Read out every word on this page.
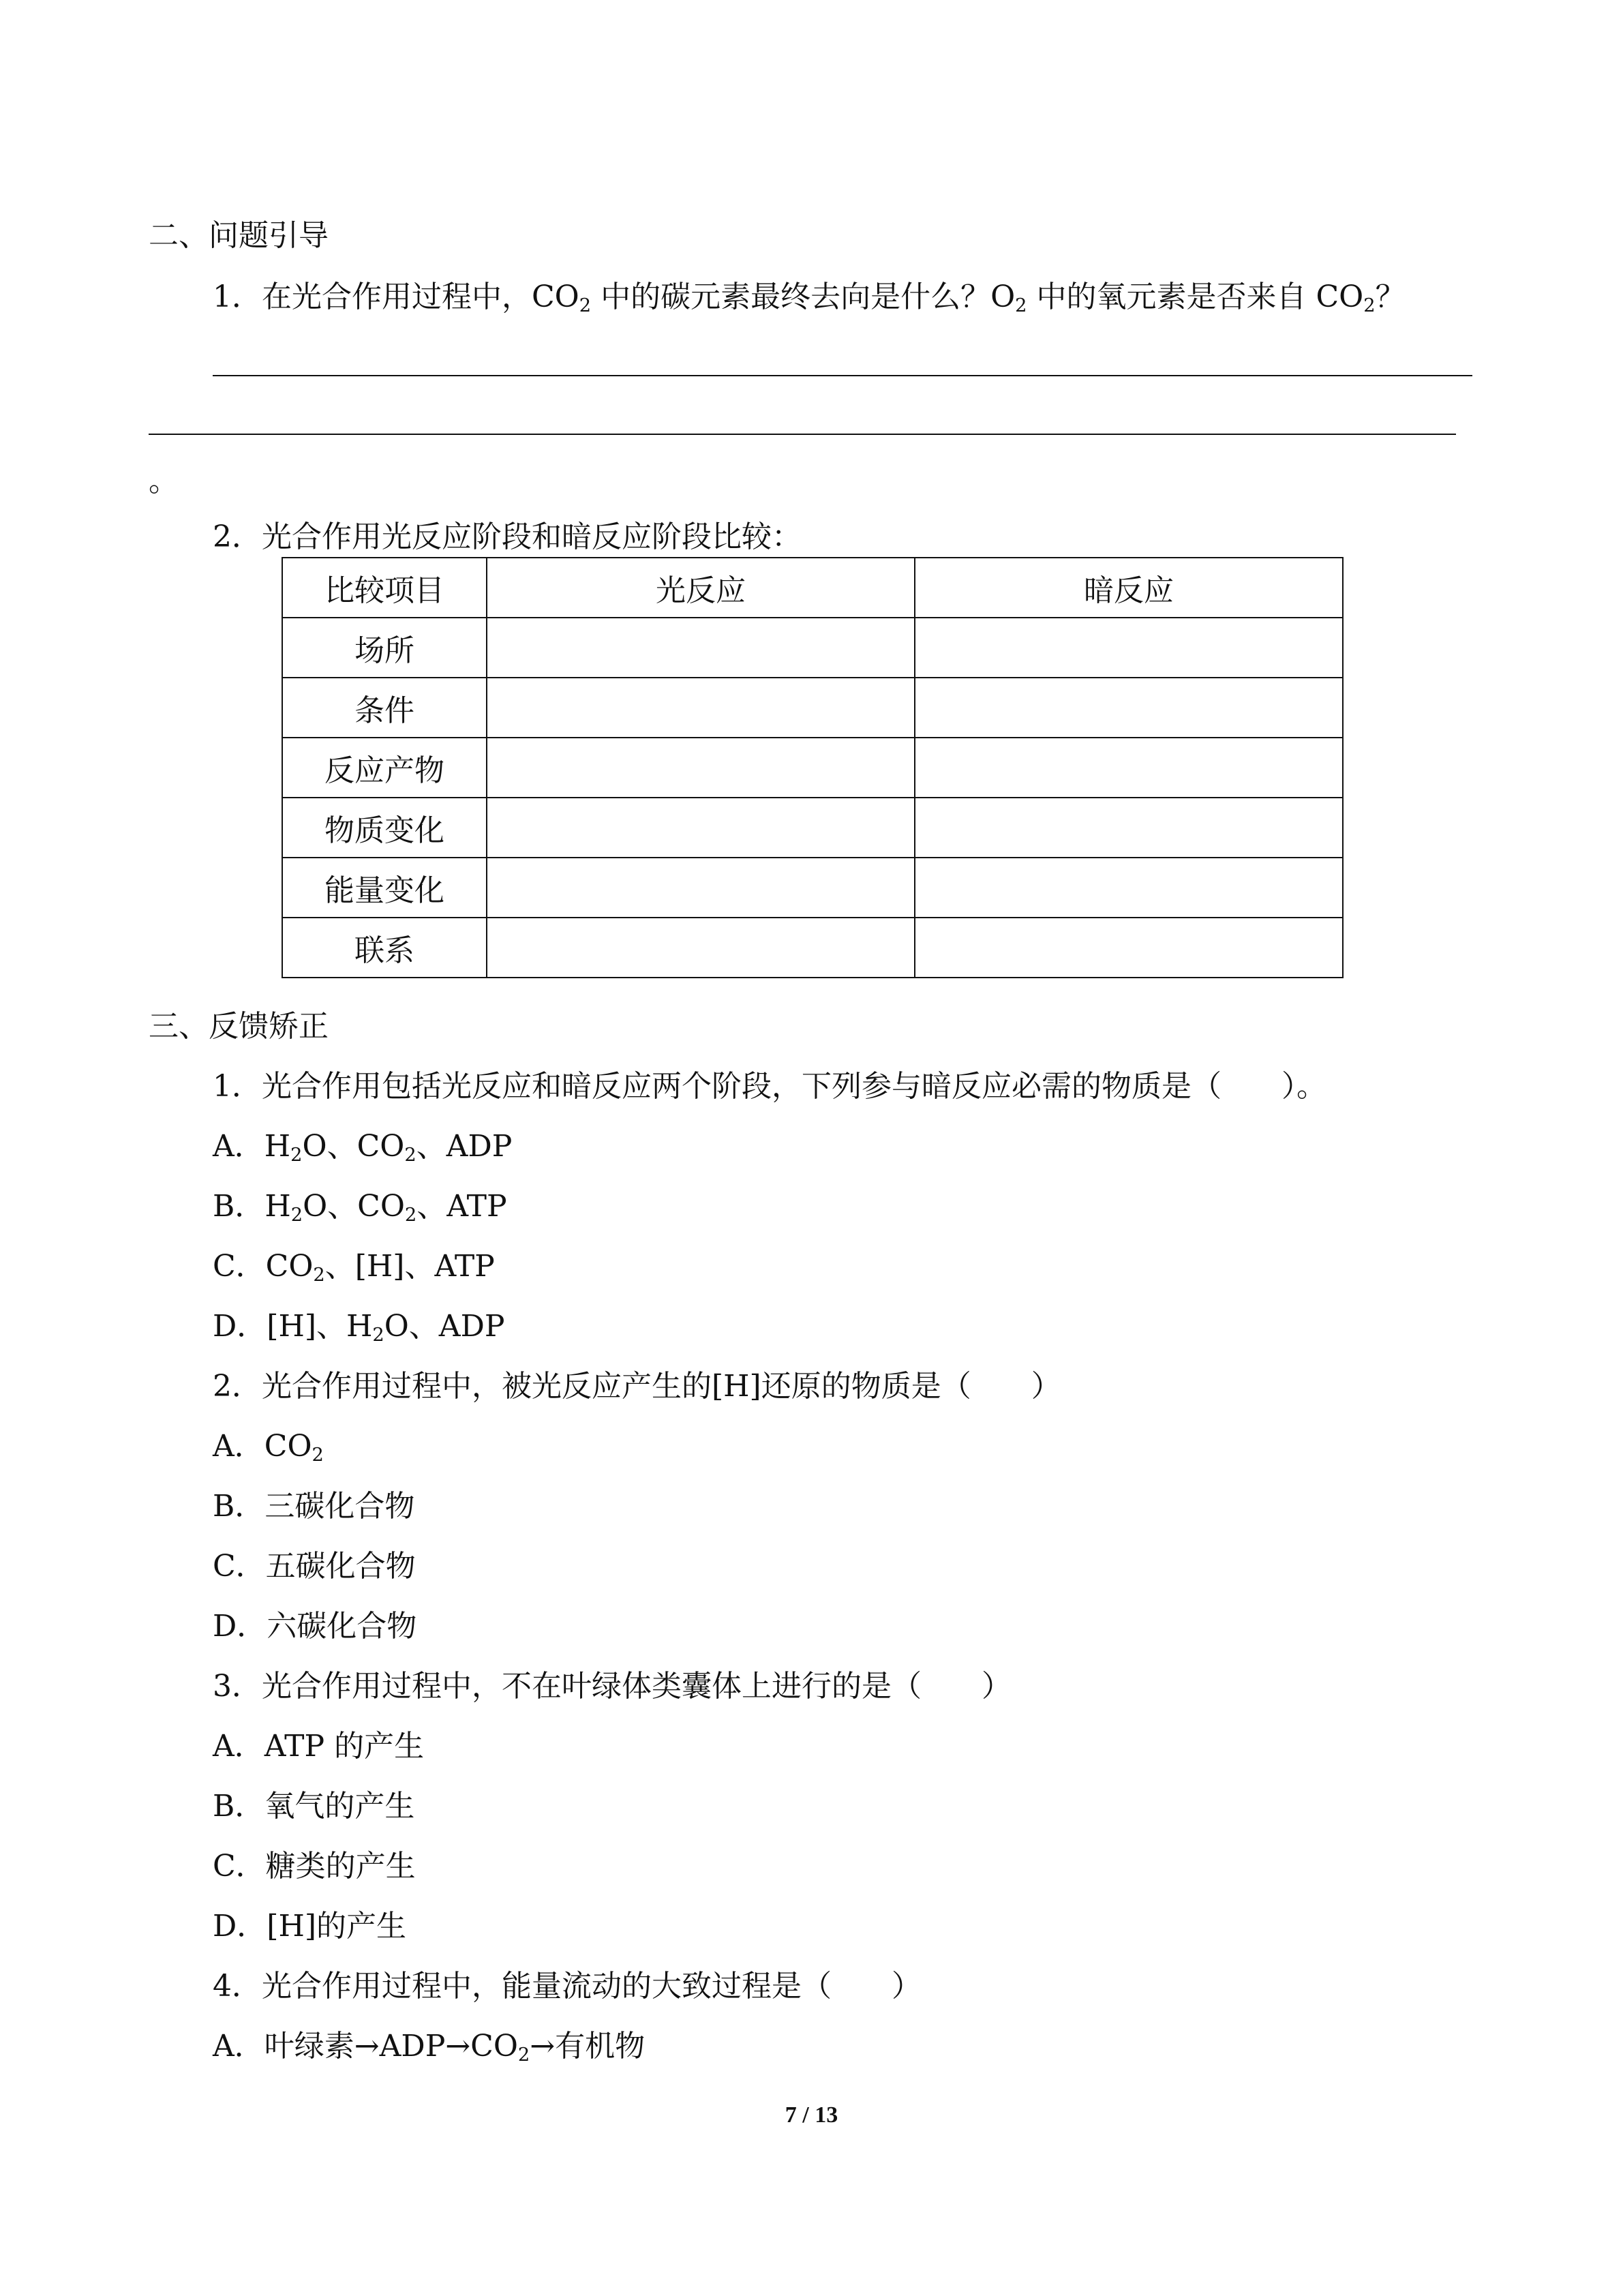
二、问题引导
1．在光合作用过程中，$CO_2$ 中的碳元素最终去向是什么？$O_2$ 中的氧元素是否来自 $CO_2$？
。
2．光合作用光反应阶段和暗反应阶段比较：
比较项目	光反应	暗反应
场所		
条件		
反应产物		
物质变化		
能量变化		
联系		
三、反馈矫正
1．光合作用包括光反应和暗反应两个阶段，下列参与暗反应必需的物质是（　　）。
A．$H_2O$、$CO_2$、ADP
B．$H_2O$、$CO_2$、ATP
C．$CO_2$、[H]、ATP
D．[H]、$H_2O$、ADP
2．光合作用过程中，被光反应产生的[H]还原的物质是（　　）
A．$CO_2$
B．三碳化合物
C．五碳化合物
D．六碳化合物
3．光合作用过程中，不在叶绿体类囊体上进行的是（　　）
A．ATP 的产生
B．氧气的产生
C．糖类的产生
D．[H]的产生
4．光合作用过程中，能量流动的大致过程是（　　）
A．叶绿素$\to ADP\to CO_2\to$有机物
7 / 13
